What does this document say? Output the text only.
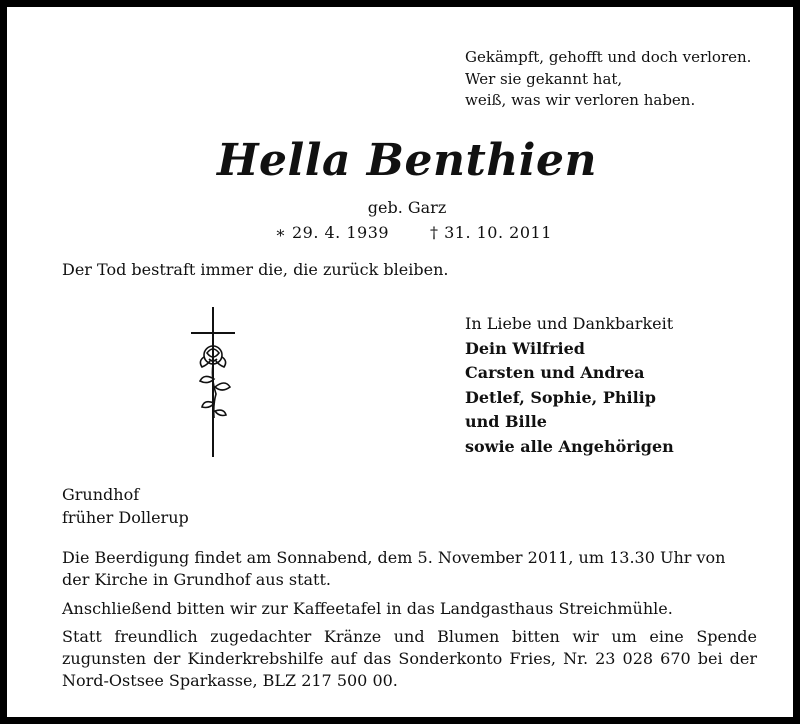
Gekämpft, gehofft und doch verloren.
Wer sie gekannt hat,
weiß, was wir verloren haben.
Hella Benthien
geb. Garz
∗ 29. 4. 1939	† 31. 10. 2011
Der Tod bestraft immer die, die zurück bleiben.
In Liebe und Dankbarkeit
Dein Wilfried
Carsten und Andrea
Detlef, Sophie, Philip
und Bille
sowie alle Angehörigen
Grundhof
früher Dollerup
Die Beerdigung findet am Sonnabend, dem 5. November 2011, um 13.30 Uhr von der Kirche in Grundhof aus statt.
Anschließend bitten wir zur Kaffeetafel in das Landgasthaus Streichmühle.
Statt freundlich zugedachter Kränze und Blumen bitten wir um eine Spende zugunsten der Kinderkrebshilfe auf das Sonderkonto Fries, Nr. 23 028 670 bei der Nord-Ostsee Sparkasse, BLZ 217 500 00.
